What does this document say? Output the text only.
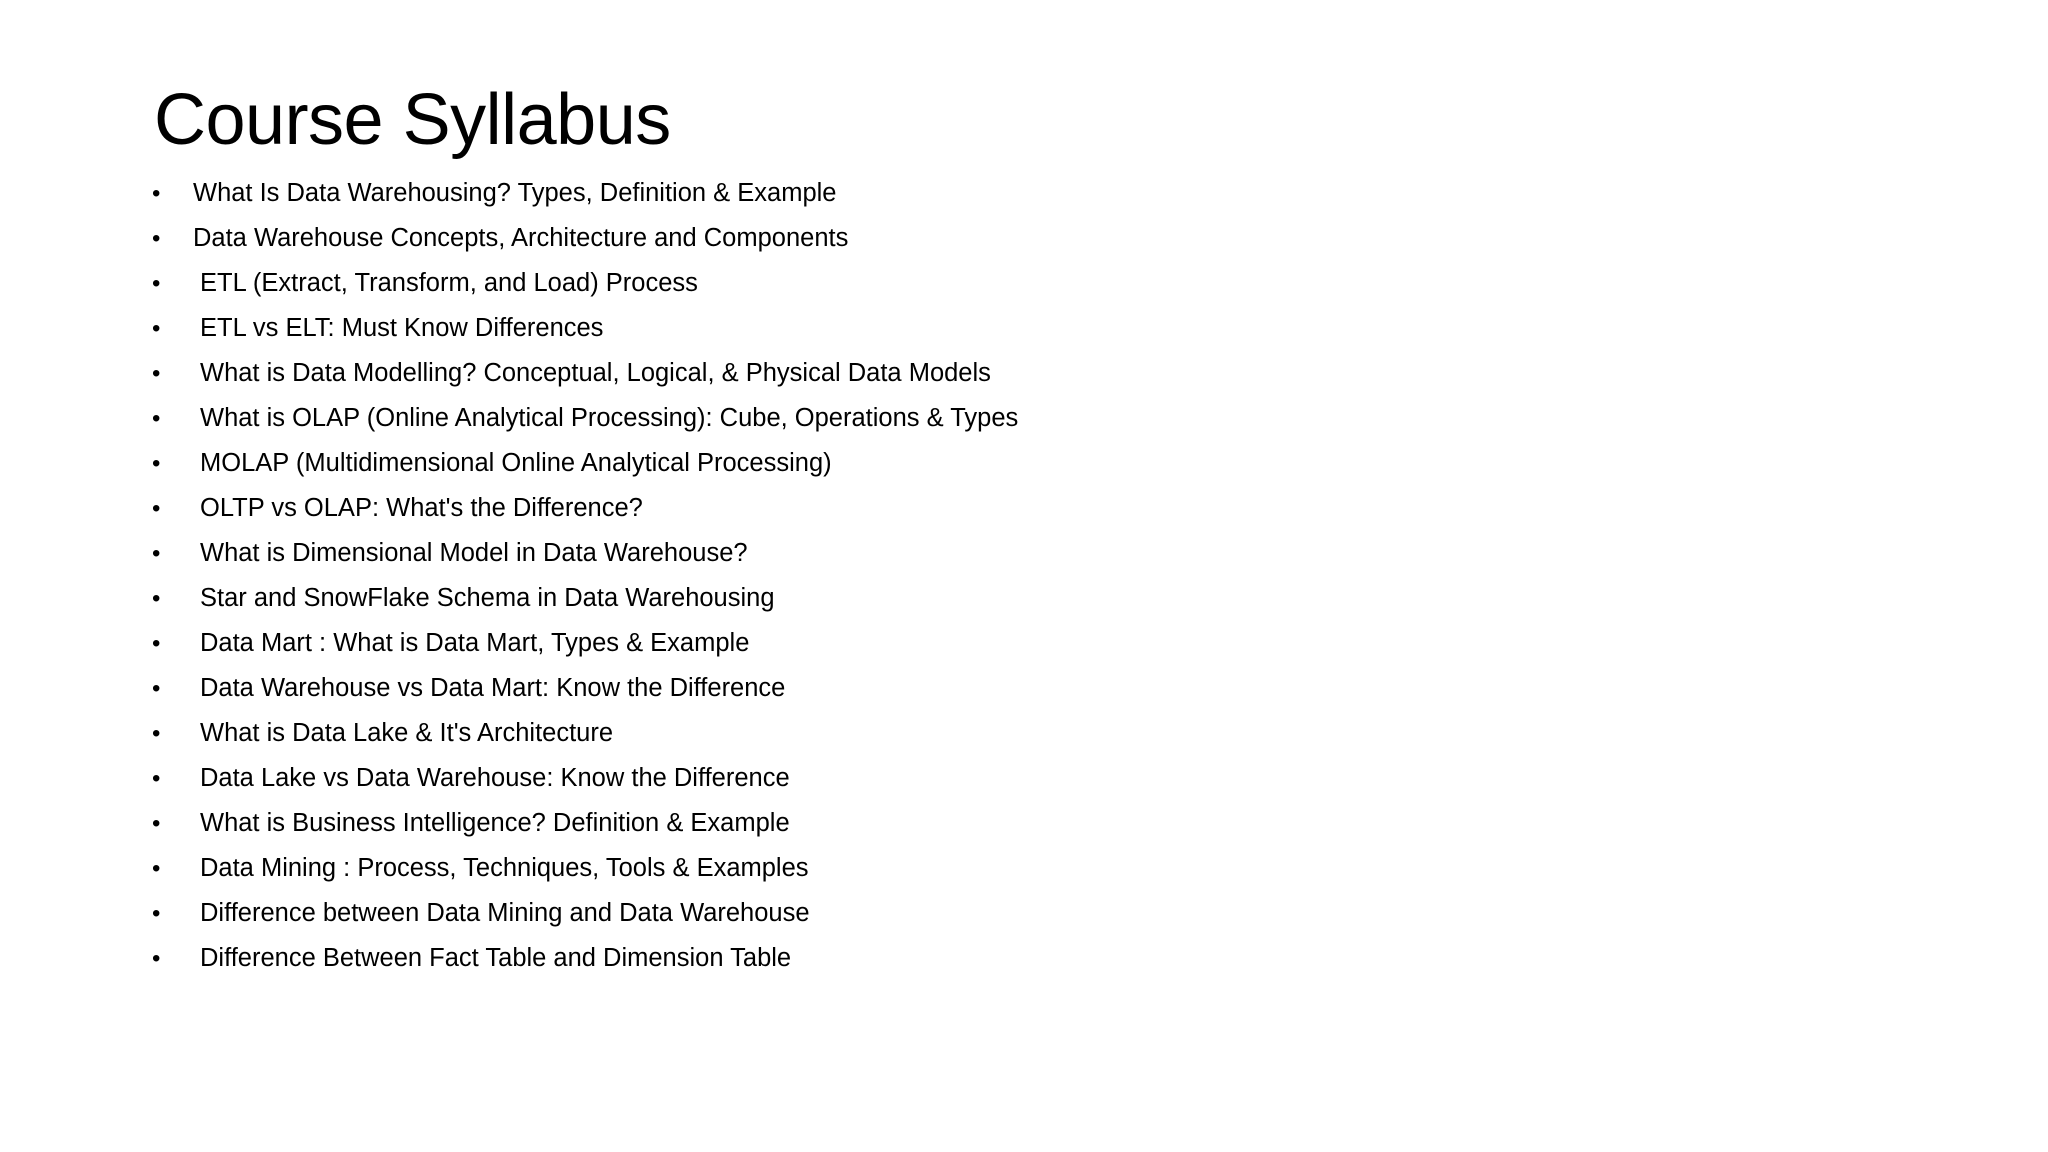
Course Syllabus
• What Is Data Warehousing? Types, Definition & Example
• Data Warehouse Concepts, Architecture and Components
• ETL (Extract, Transform, and Load) Process
• ETL vs ELT: Must Know Differences
• What is Data Modelling? Conceptual, Logical, & Physical Data Models
• What is OLAP (Online Analytical Processing): Cube, Operations & Types
• MOLAP (Multidimensional Online Analytical Processing)
• OLTP vs OLAP: What's the Difference?
• What is Dimensional Model in Data Warehouse?
• Star and SnowFlake Schema in Data Warehousing
• Data Mart : What is Data Mart, Types & Example
• Data Warehouse vs Data Mart: Know the Difference
• What is Data Lake & It's Architecture
• Data Lake vs Data Warehouse: Know the Difference
• What is Business Intelligence? Definition & Example
• Data Mining : Process, Techniques, Tools & Examples
• Difference between Data Mining and Data Warehouse
• Difference Between Fact Table and Dimension Table
